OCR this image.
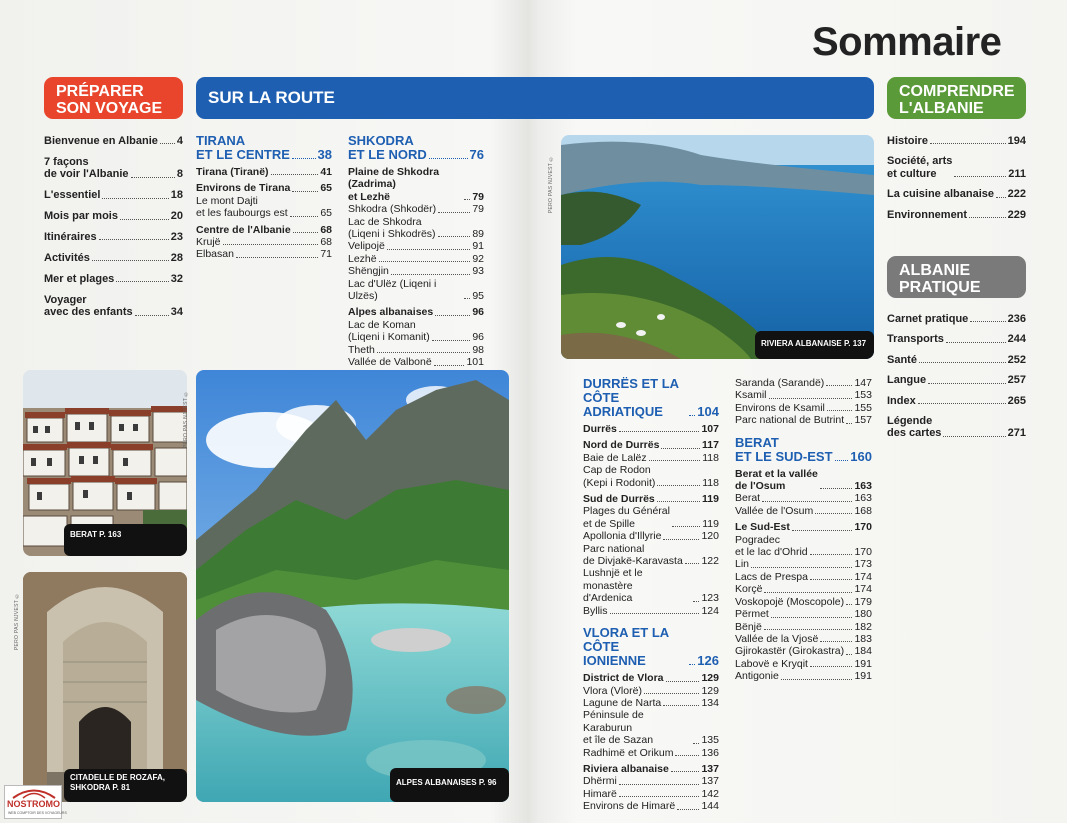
Sommaire
PRÉPARER
SON VOYAGE
SUR LA ROUTE	COMPRENDRE
L'ALBANIE
ALBANIE
PRATIQUE
Bienvenue en Albanie 4
7 façons
de voir l'Albanie	8
L'essentiel	18
Mois par mois	20
Itinéraires	23
Activités	28
Mer et plages	32
Voyager
avec des enfants	34
TIRANA
ET LE CENTRE 38
Tirana (Tiranë)	41
Environs de Tirana	65
Le mont Dajti
et les faubourgs est	65
Centre de l'Albanie	68
Krujë	68
Elbasan	71
SHKODRA
ET LE NORD	76
Plaine de Shkodra (Zadrima)
et Lezhë	79
Shkodra (Shkodër)	79
Lac de Shkodra
(Liqeni i Shkodrës)	89
Velipojë	91
Lezhë	92
Shëngjin	93
Lac d'Ulëz (Liqeni i Ulzës)	95
Alpes albanaises	96
Lac de Koman
(Liqeni i Komanit)	96
Theth	98
Vallée de Valbonë	101
DURRËS ET LA CÔTE
ADRIATIQUE	104
Durrës	107
Nord de Durrës	117
Baie de Lalëz	118
Cap de Rodon
(Kepi i Rodonit)	118
Sud de Durrës	119
Plages du Général
et de Spille	119
Apollonia d'Illyrie	120
Parc national
de Divjakë-Karavasta 122
Lushnjë et le monastère
d'Ardenica	123
Byllis	124
VLORA ET LA CÔTE
IONIENNE	126
District de Vlora	129
Vlora (Vlorë)	129
Lagune de Narta	134
Péninsule de Karaburun
et île de Sazan	135
Radhimë et Orikum	136
Riviera albanaise	137
Dhërmi	137
Himarë	142
Environs de Himarë	144
Saranda (Sarandë)	147
Ksamil	153
Environs de Ksamil	155
Parc national de Butrint 157
BERAT
ET LE SUD-EST 160
Berat et la vallée
de l'Osum	163
Berat	163
Vallée de l'Osum	168
Le Sud-Est	170
Pogradec
et le lac d'Ohrid	170
Lin	173
Lacs de Prespa	174
Korçë	174
Voskopojë (Moscopole) 179
Përmet	180
Bënjë	182
Vallée de la Vjosë	183
Gjirokastër (Girokastra) 184
Labovë e Kryqit	191
Antigonie	191
Histoire	194
Société, arts
et culture	211
La cuisine albanaise 222
Environnement	229
Carnet pratique	236
Transports	244
Santé	252
Langue	257
Index	265
Légende
des cartes	271
BERAT P. 163
PERO PAS NJVEST ©
CITADELLE DE ROZAFA,
SHKODRA P. 81
PERO PAS NJVEST ©
ALPES ALBANAISES P. 96
RIVIERA ALBANAISE P. 137
PERO PAS NJVEST ©
NOSTROMO
WEB COMPTOIR DES VOYAGEURS
